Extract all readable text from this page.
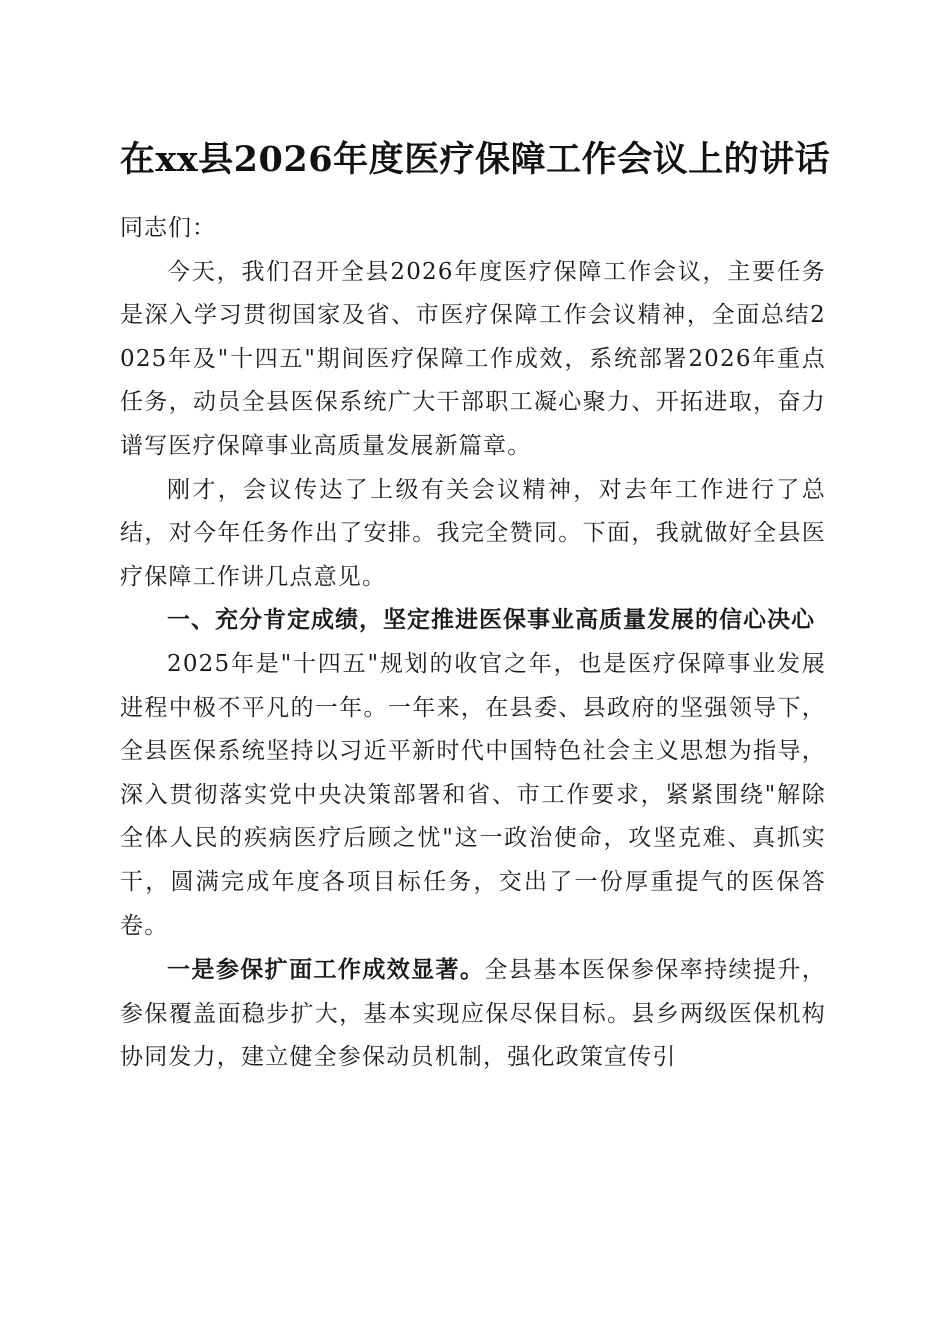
在xx县2026年度医疗保障工作会议上的讲话

同志们：

今天，我们召开全县2026年度医疗保障工作会议，主要任务是深入学习贯彻国家及省、市医疗保障工作会议精神，全面总结2025年及"十四五"期间医疗保障工作成效，系统部署2026年重点任务，动员全县医保系统广大干部职工凝心聚力、开拓进取，奋力谱写医疗保障事业高质量发展新篇章。

刚才，会议传达了上级有关会议精神，对去年工作进行了总结，对今年任务作出了安排。我完全赞同。下面，我就做好全县医疗保障工作讲几点意见。

一、充分肯定成绩，坚定推进医保事业高质量发展的信心决心

2025年是"十四五"规划的收官之年，也是医疗保障事业发展进程中极不平凡的一年。一年来，在县委、县政府的坚强领导下，全县医保系统坚持以习近平新时代中国特色社会主义思想为指导，深入贯彻落实党中央决策部署和省、市工作要求，紧紧围绕"解除全体人民的疾病医疗后顾之忧"这一政治使命，攻坚克难、真抓实干，圆满完成年度各项目标任务，交出了一份厚重提气的医保答卷。

一是参保扩面工作成效显著。全县基本医保参保率持续提升，参保覆盖面稳步扩大，基本实现应保尽保目标。县乡两级医保机构协同发力，建立健全参保动员机制，强化政策宣传引
